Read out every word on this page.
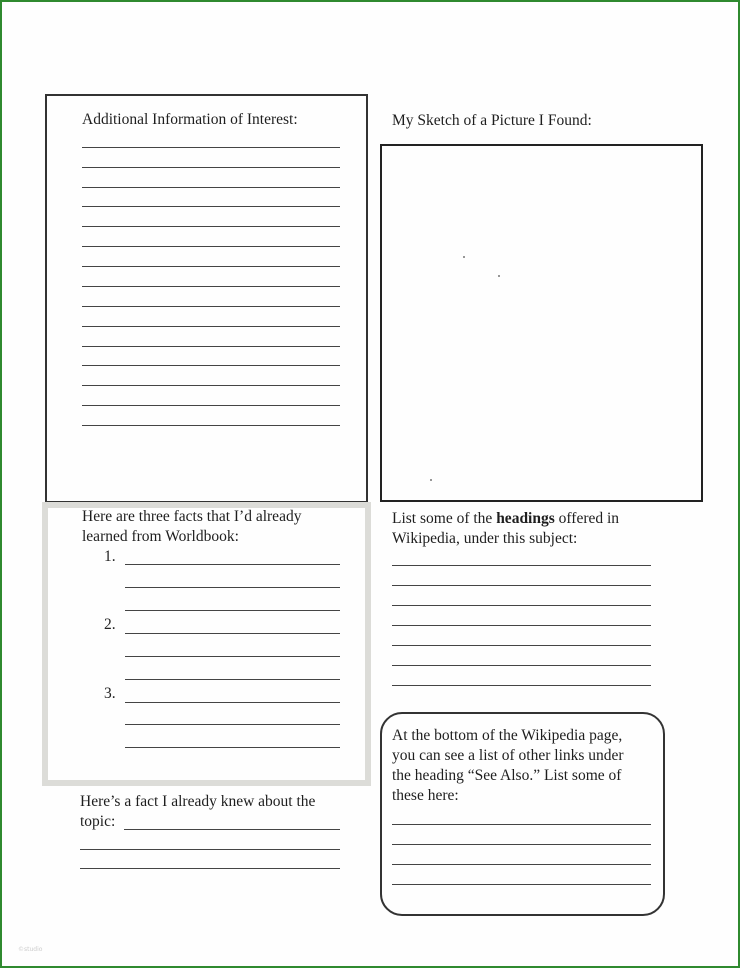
Additional Information of Interest:	My Sketch of a Picture I Found:
Here are three facts that I’d already
learned from Worldbook:
1.
2.
3.
Here’s a fact I already knew about the
topic:
List some of the headings offered in
Wikipedia, under this subject:
At the bottom of the Wikipedia page,
you can see a list of other links under
the heading “See Also.” List some of
these here:
©studio
